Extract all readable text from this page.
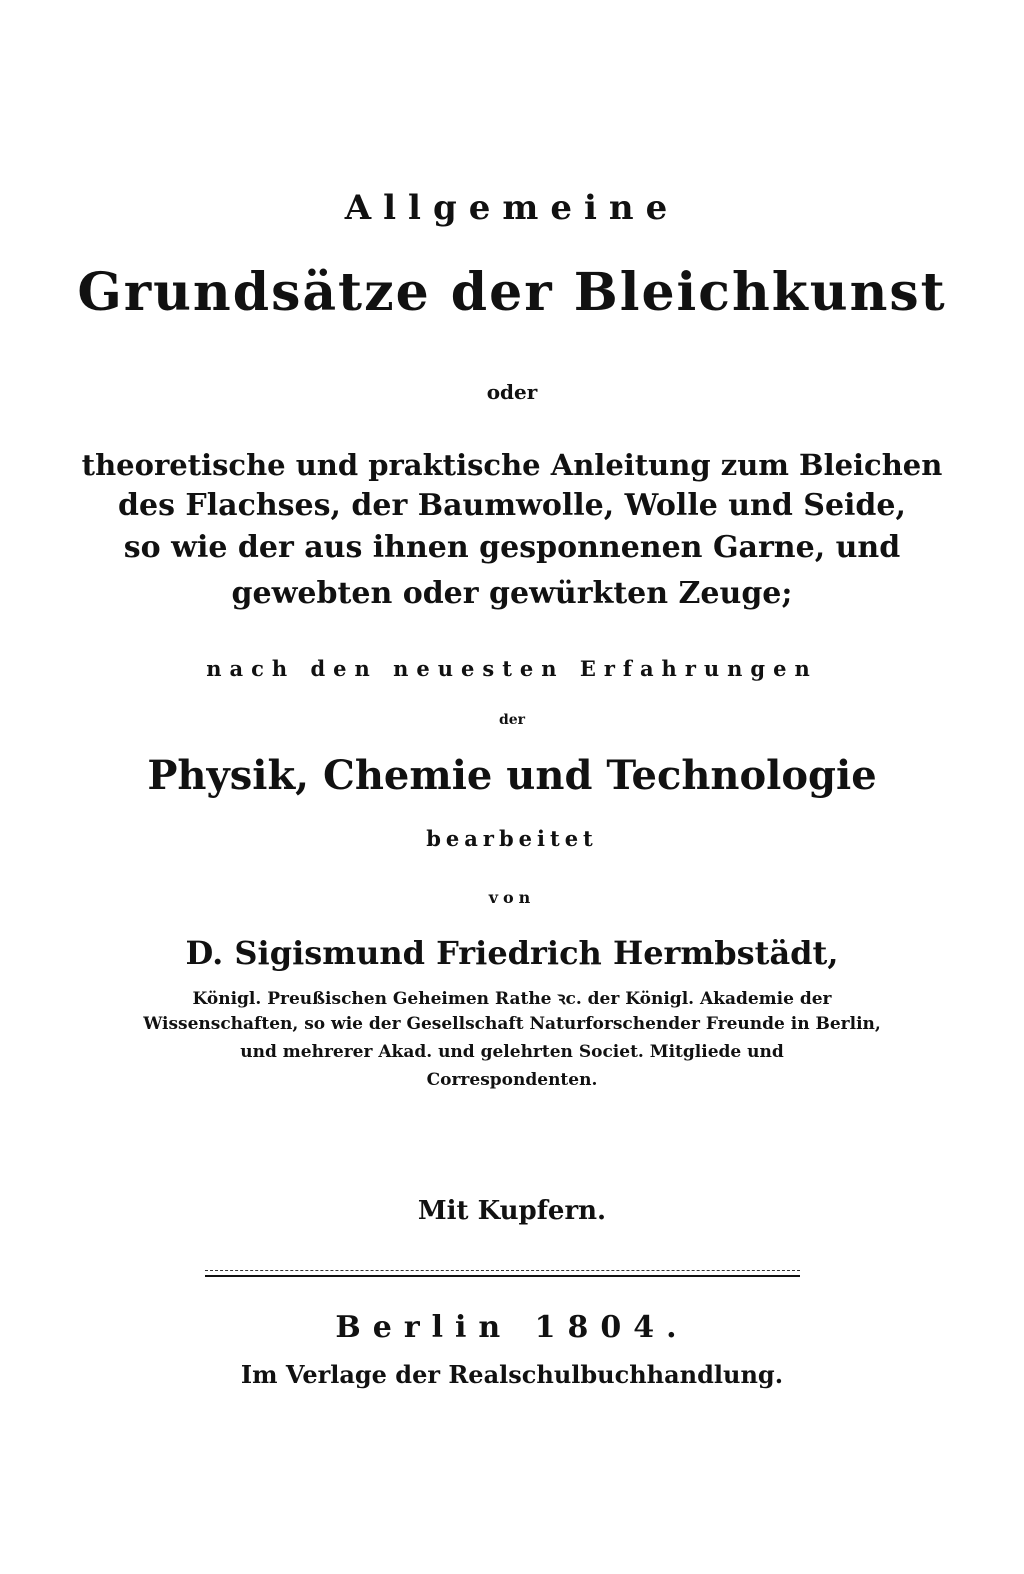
Allgemeine
Grundsätze der Bleichkunst
oder
theoretische und praktische Anleitung zum Bleichen
des Flachses, der Baumwolle, Wolle und Seide,
so wie der aus ihnen gesponnenen Garne, und
gewebten oder gewürkten Zeuge;
nach den neuesten Erfahrungen
der
Physik, Chemie und Technologie
bearbeitet
von
D. Sigismund Friedrich Hermbstädt,
Königl. Preußischen Geheimen Rathe ꝛc. der Königl. Akademie der
Wissenschaften, so wie der Gesellschaft Naturforschender Freunde in Berlin,
und mehrerer Akad. und gelehrten Societ. Mitgliede und
Correspondenten.
Mit Kupfern.
Berlin 1804.
Im Verlage der Realschulbuchhandlung.
